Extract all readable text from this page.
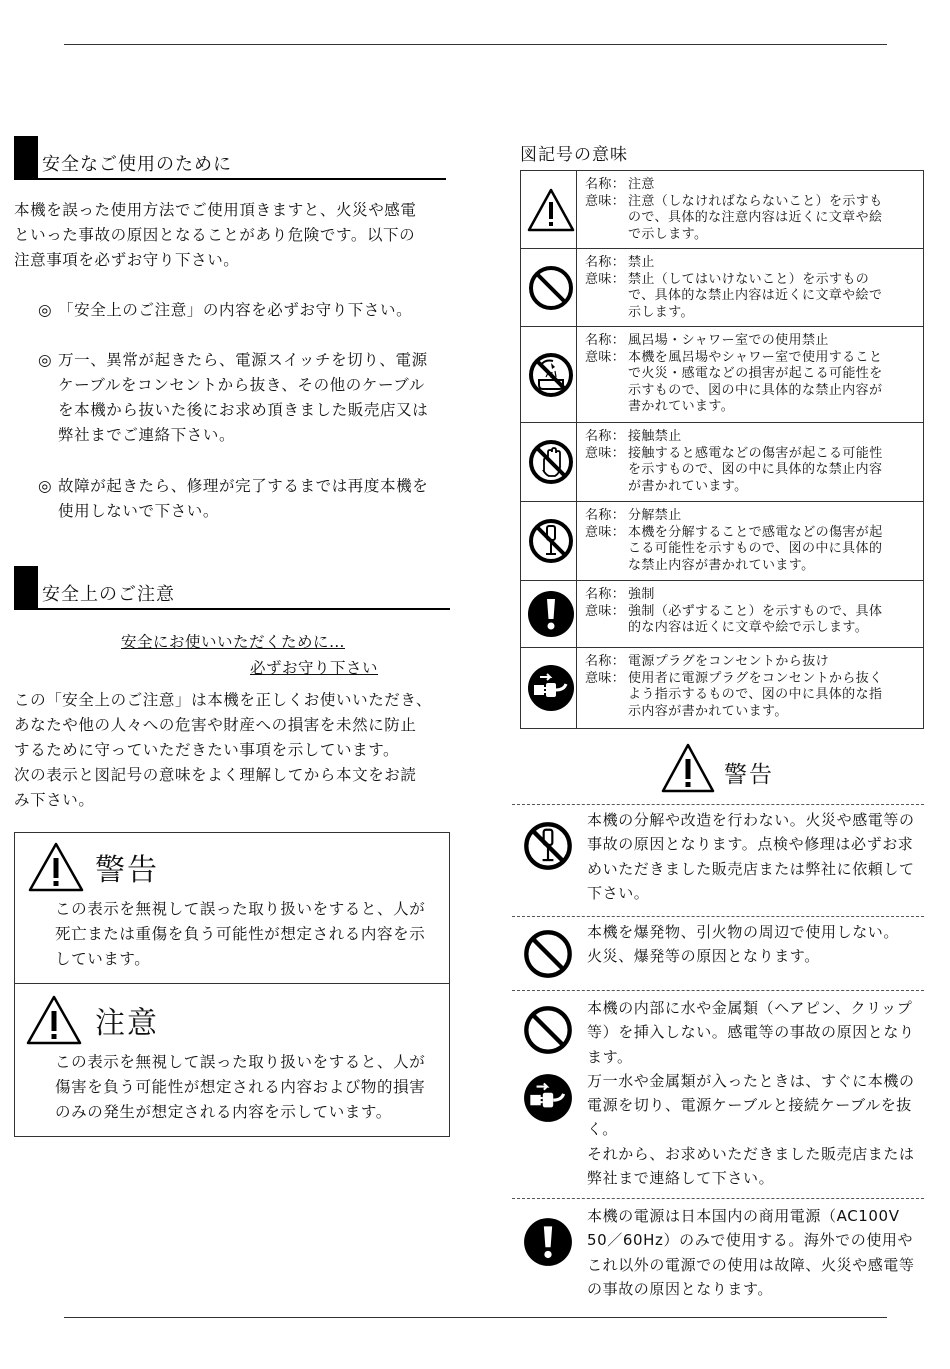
安全なご使用のために
本機を誤った使用方法でご使用頂きますと、火災や感電
といった事故の原因となることがあり危険です。以下の
注意事項を必ずお守り下さい。
◎ 「安全上のご注意」の内容を必ずお守り下さい。
◎ 万一、異常が起きたら、電源スイッチを切り、電源
ケーブルをコンセントから抜き、その他のケーブル
を本機から抜いた後にお求め頂きました販売店又は
弊社までご連絡下さい。
◎ 故障が起きたら、修理が完了するまでは再度本機を
使用しないで下さい。
安全上のご注意
安全にお使いいただくために…
必ずお守り下さい
この「安全上のご注意」は本機を正しくお使いいただき、
あなたや他の人々への危害や財産への損害を未然に防止
するために守っていただきたい事項を示しています。
次の表示と図記号の意味をよく理解してから本文をお読
み下さい。
警告
この表示を無視して誤った取り扱いをすると、人が
死亡または重傷を負う可能性が想定される内容を示
しています。
注意
この表示を無視して誤った取り扱いをすると、人が
傷害を負う可能性が想定される内容および物的損害
のみの発生が想定される内容を示しています。
図記号の意味
名称： 注意
意味： 注意（しなければならないこと）を示すも
ので、具体的な注意内容は近くに文章や絵
で示します。
名称： 禁止
意味： 禁止（してはいけないこと）を示すもの
で、具体的な禁止内容は近くに文章や絵で
示します。
名称： 風呂場・シャワー室での使用禁止
意味： 本機を風呂場やシャワー室で使用すること
で火災・感電などの損害が起こる可能性を
示すもので、図の中に具体的な禁止内容が
書かれています。
名称： 接触禁止
意味： 接触すると感電などの傷害が起こる可能性
を示すもので、図の中に具体的な禁止内容
が書かれています。
名称： 分解禁止
意味： 本機を分解することで感電などの傷害が起
こる可能性を示すもので、図の中に具体的
な禁止内容が書かれています。
名称： 強制
意味： 強制（必ずすること）を示すもので、具体
的な内容は近くに文章や絵で示します。
名称： 電源プラグをコンセントから抜け
意味： 使用者に電源プラグをコンセントから抜く
よう指示するもので、図の中に具体的な指
示内容が書かれています。
警告
本機の分解や改造を行わない。火災や感電等の
事故の原因となります。点検や修理は必ずお求
めいただきました販売店または弊社に依頼して
下さい。
本機を爆発物、引火物の周辺で使用しない。
火災、爆発等の原因となります。
本機の内部に水や金属類（ヘアピン、クリップ
等）を挿入しない。感電等の事故の原因となり
ます。
万一水や金属類が入ったときは、すぐに本機の
電源を切り、電源ケーブルと接続ケーブルを抜
く。
それから、お求めいただきました販売店または
弊社まで連絡して下さい。
本機の電源は日本国内の商用電源（AC100V
50／60Hz）のみで使用する。海外での使用や
これ以外の電源での使用は故障、火災や感電等
の事故の原因となります。
